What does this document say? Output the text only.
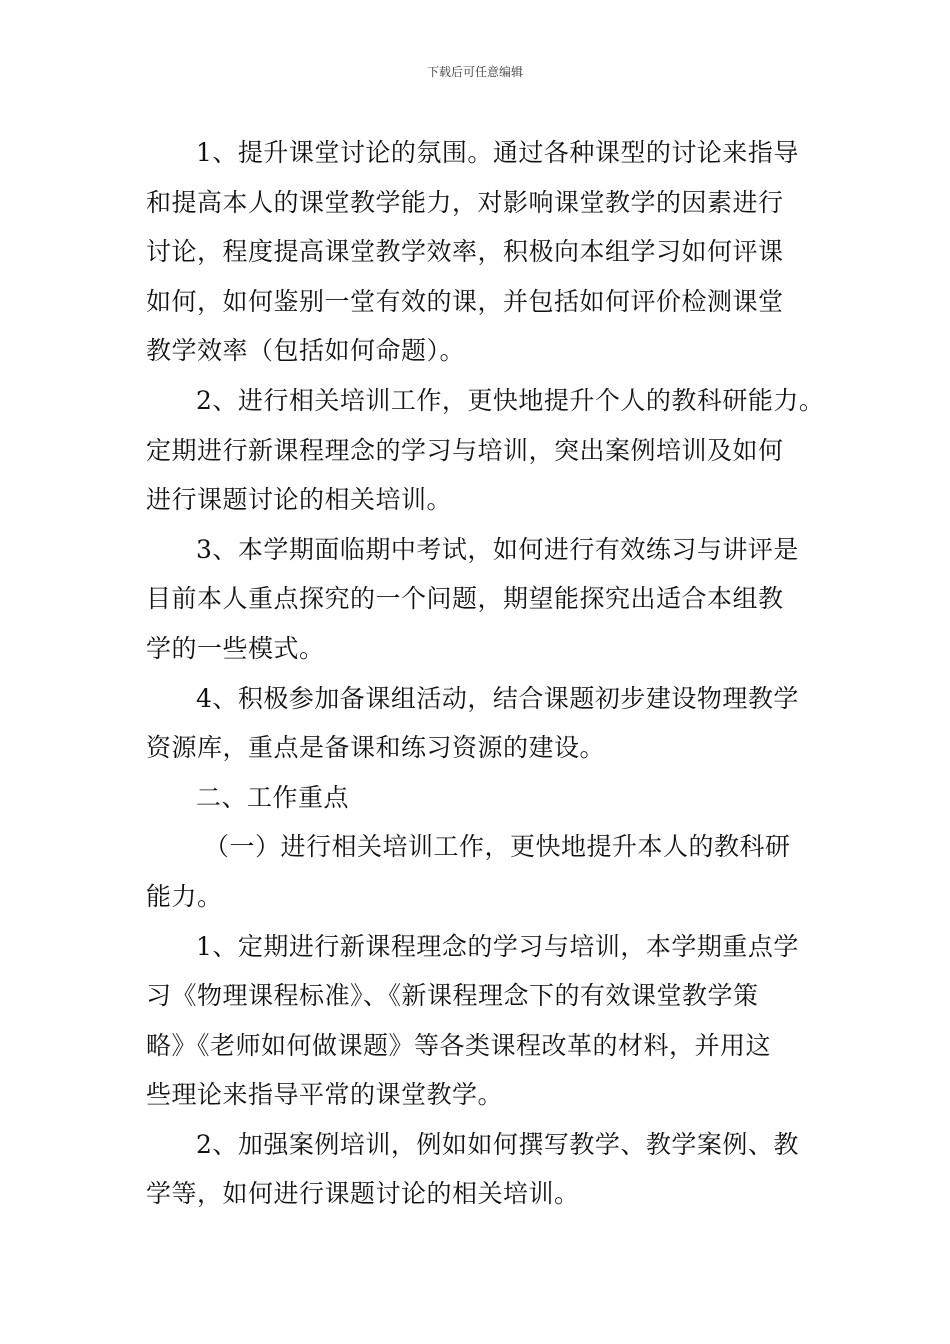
下载后可任意编辑
1、提升课堂讨论的氛围。通过各种课型的讨论来指导
和提高本人的课堂教学能力，对影响课堂教学的因素进行
讨论，程度提高课堂教学效率，积极向本组学习如何评课
如何，如何鉴别一堂有效的课，并包括如何评价检测课堂
教学效率（包括如何命题）。
2、进行相关培训工作，更快地提升个人的教科研能力。
定期进行新课程理念的学习与培训，突出案例培训及如何
进行课题讨论的相关培训。
3、本学期面临期中考试，如何进行有效练习与讲评是
目前本人重点探究的一个问题，期望能探究出适合本组教
学的一些模式。
4、积极参加备课组活动，结合课题初步建设物理教学
资源库，重点是备课和练习资源的建设。
二、工作重点
（一）进行相关培训工作，更快地提升本人的教科研
能力。
1、定期进行新课程理念的学习与培训，本学期重点学
习《物理课程标准》、《新课程理念下的有效课堂教学策
略》《老师如何做课题》等各类课程改革的材料，并用这
些理论来指导平常的课堂教学。
2、加强案例培训，例如如何撰写教学、教学案例、教
学等，如何进行课题讨论的相关培训。
